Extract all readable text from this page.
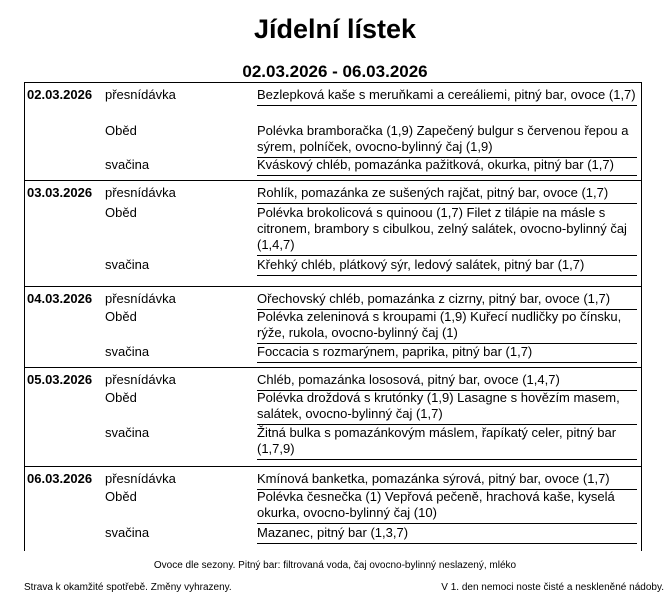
Jídelní lístek
02.03.2026 - 06.03.2026
02.03.2026 přesnídávka	Bezlepková kaše s meruňkami a cereáliemi, pitný bar, ovoce (1,7)
Oběd	Polévka bramboračka (1,9) Zapečený bulgur s červenou řepou a sýrem, polníček, ovocno-bylinný čaj (1,9)
svačina	Kváskový chléb, pomazánka pažitková, okurka, pitný bar (1,7)
03.03.2026 přesnídávka	Rohlík, pomazánka ze sušených rajčat, pitný bar, ovoce (1,7)
Oběd	Polévka brokolicová s quinoou (1,7) Filet z tilápie na másle s citronem, brambory s cibulkou, zelný salátek, ovocno-bylinný čaj (1,4,7)
svačina	Křehký chléb, plátkový sýr, ledový salátek, pitný bar (1,7)
04.03.2026 přesnídávka	Ořechovský chléb, pomazánka z cizrny, pitný bar, ovoce (1,7)
Oběd	Polévka zeleninová s kroupami (1,9) Kuřecí nudličky po čínsku, rýže, rukola, ovocno-bylinný čaj (1)
svačina	Foccacia s rozmarýnem, paprika, pitný bar (1,7)
05.03.2026 přesnídávka	Chléb, pomazánka lososová, pitný bar, ovoce (1,4,7)
Oběd	Polévka droždová s krutónky (1,9) Lasagne s hovězím masem, salátek, ovocno-bylinný čaj (1,7)
svačina	Žitná bulka s pomazánkovým máslem, řapíkatý celer, pitný bar (1,7,9)
06.03.2026 přesnídávka	Kmínová banketka, pomazánka sýrová, pitný bar, ovoce (1,7)
Oběd	Polévka česnečka (1) Vepřová pečeně, hrachová kaše, kyselá okurka, ovocno-bylinný čaj (10)
svačina	Mazanec, pitný bar (1,3,7)
Ovoce dle sezony. Pitný bar: filtrovaná voda, čaj ovocno-bylinný neslazený, mléko
Strava k okamžité spotřebě. Změny vyhrazeny.	V 1. den nemoci noste čisté a neskleněné nádoby.
